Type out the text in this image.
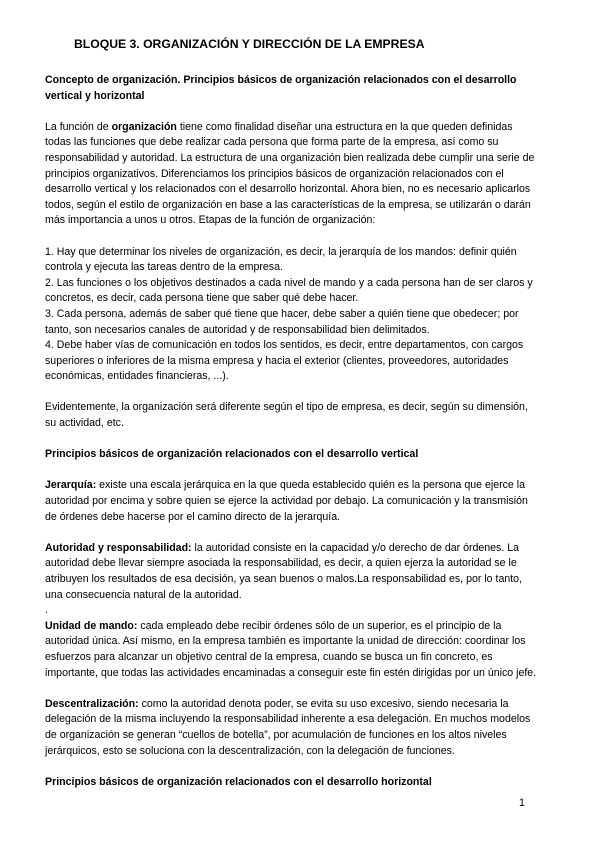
BLOQUE 3. ORGANIZACIÓN Y DIRECCIÓN DE LA EMPRESA

Concepto de organización. Principios básicos de organización relacionados con el desarrollo vertical y horizontal

La función de organización tiene como finalidad diseñar una estructura en la que queden definidas todas las funciones que debe realizar cada persona que forma parte de la empresa, así como su responsabilidad y autoridad. La estructura de una organización bien realizada debe cumplir una serie de principios organizativos. Diferenciamos los principios básicos de organización relacionados con el desarrollo vertical y los relacionados con el desarrollo horizontal. Ahora bien, no es necesario aplicarlos todos, según el estilo de organización en base a las características de la empresa, se utilizarán o darán más importancia a unos u otros. Etapas de la función de organización:

1. Hay que determinar los niveles de organización, es decir, la jerarquía de los mandos: definir quién controla y ejecuta las tareas dentro de la empresa.

2. Las funciones o los objetivos destinados a cada nivel de mando y a cada persona han de ser claros y concretos, es decir, cada persona tiene que saber qué debe hacer.

3. Cada persona, además de saber qué tiene que hacer, debe saber a quién tiene que obedecer; por tanto, son necesarios canales de autoridad y de responsabilidad bien delimitados.

4. Debe haber vías de comunicación en todos los sentidos, es decir, entre departamentos, con cargos superiores o inferiores de la misma empresa y hacia el exterior (clientes, proveedores, autoridades económicas, entidades financieras, ...).

Evidentemente, la organización será diferente según el tipo de empresa, es decir, según su dimensión, su actividad, etc.

Principios básicos de organización relacionados con el desarrollo vertical

Jerarquía: existe una escala jerárquica en la que queda establecido quién es la persona que ejerce la autoridad por encima y sobre quien se ejerce la actividad por debajo. La comunicación y la transmisión de órdenes debe hacerse por el camino directo de la jerarquía.

Autoridad y responsabilidad: la autoridad consiste en la capacidad y/o derecho de dar órdenes. La autoridad debe llevar siempre asociada la responsabilidad, es decir, a quien ejerza la autoridad se le atribuyen los resultados de esa decisión, ya sean buenos o malos.La responsabilidad es, por lo tanto, una consecuencia natural de la autoridad.

.

Unidad de mando: cada empleado debe recibir órdenes sólo de un superior, es el principio de la autoridad única. Así mismo, en la empresa también es importante la unidad de dirección: coordinar los esfuerzos para alcanzar un objetivo central de la empresa, cuando se busca un fin concreto, es importante, que todas las actividades encaminadas a conseguir este fin estén dirigidas por un único jefe.

Descentralización: como la autoridad denota poder, se evita su uso excesivo, siendo necesaria la delegación de la misma incluyendo la responsabilidad inherente a esa delegación. En muchos modelos de organización se generan “cuellos de botella”, por acumulación de funciones en los altos niveles jerárquicos, esto se soluciona con la descentralización, con la delegación de funciones.

Principios básicos de organización relacionados con el desarrollo horizontal

1
